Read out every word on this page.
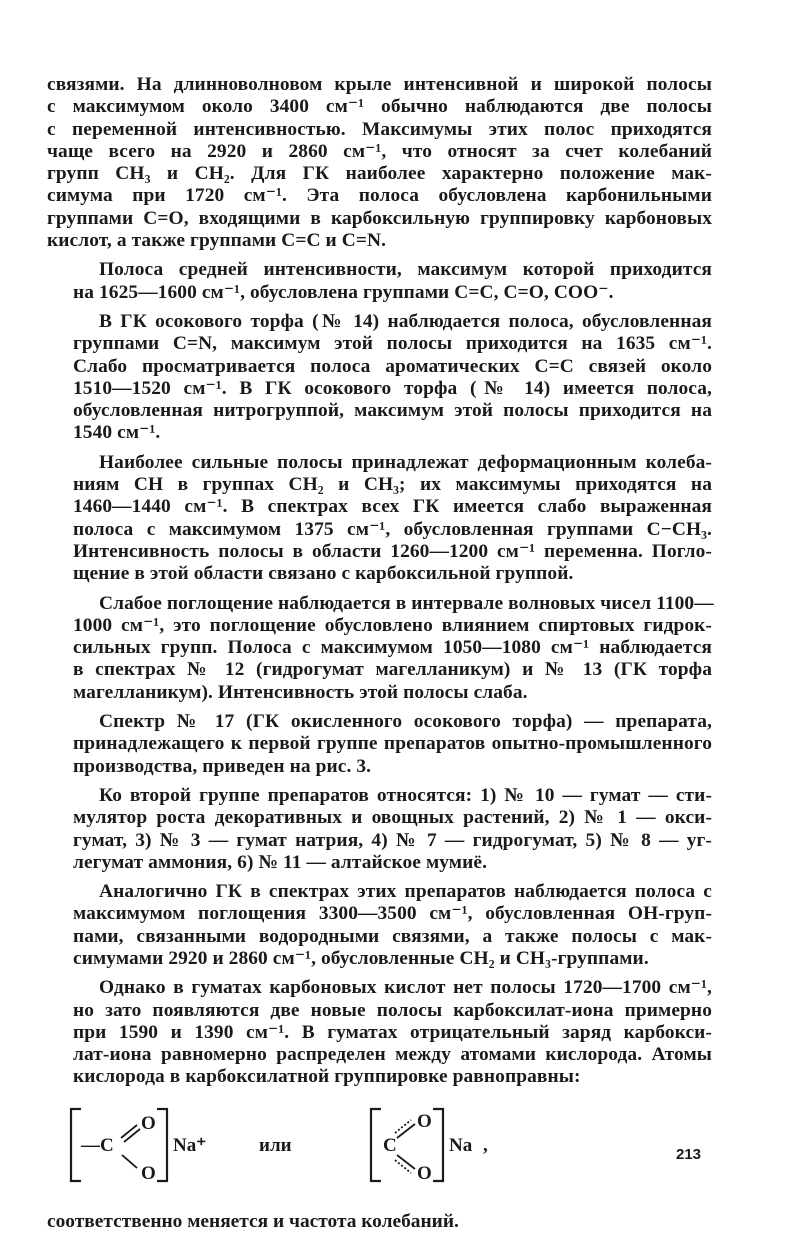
связями. На длинноволновом крыле интенсивной и широкой полосы
с максимумом около 3400 см⁻¹ обычно наблюдаются две полосы
с переменной интенсивностью. Максимумы этих полос приходятся
чаще всего на 2920 и 2860 см⁻¹, что относят за счет колебаний
групп CH₃ и CH₂. Для ГК наиболее характерно положение мак-
симума при 1720 см⁻¹. Эта полоса обусловлена карбонильными
группами C=O, входящими в карбоксильную группировку карбоновых
кислот, а также группами C=C и C=N.
Полоса средней интенсивности, максимум которой приходится
на 1625—1600 см⁻¹, обусловлена группами C=C, C=O, COO⁻.
В ГК осокового торфа (№ 14) наблюдается полоса, обусловленная
группами C=N, максимум этой полосы приходится на 1635 см⁻¹.
Слабо просматривается полоса ароматических C=C связей около
1510—1520 см⁻¹. В ГК осокового торфа (№ 14) имеется полоса,
обусловленная нитрогруппой, максимум этой полосы приходится на
1540 см⁻¹.
Наиболее сильные полосы принадлежат деформационным колеба-
ниям CH в группах CH₂ и CH₃; их максимумы приходятся на
1460—1440 см⁻¹. В спектрах всех ГК имеется слабо выраженная
полоса с максимумом 1375 см⁻¹, обусловленная группами C−CH₃.
Интенсивность полосы в области 1260—1200 см⁻¹ переменна. Погло-
щение в этой области связано с карбоксильной группой.
Слабое поглощение наблюдается в интервале волновых чисел 1100—
1000 см⁻¹, это поглощение обусловлено влиянием спиртовых гидрок-
сильных групп. Полоса с максимумом 1050—1080 см⁻¹ наблюдается
в спектрах № 12 (гидрогумат магелланикум) и № 13 (ГК торфа
магелланикум). Интенсивность этой полосы слаба.
Спектр № 17 (ГК окисленного осокового торфа) — препарата,
принадлежащего к первой группе препаратов опытно-промышленного
производства, приведен на рис. 3.
Ко второй группе препаратов относятся: 1) № 10 — гумат — сти-
мулятор роста декоративных и овощных растений, 2) № 1 — окси-
гумат, 3) № 3 — гумат натрия, 4) № 7 — гидрогумат, 5) № 8 — уг-
легумат аммония, 6) № 11 — алтайское мумиё.
Аналогично ГК в спектрах этих препаратов наблюдается полоса с
максимумом поглощения 3300—3500 см⁻¹, обусловленная OH-груп-
пами, связанными водородными связями, а также полосы с мак-
симумами 2920 и 2860 см⁻¹, обусловленные CH₂ и CH₃-группами.
Однако в гуматах карбоновых кислот нет полосы 1720—1700 см⁻¹,
но зато появляются две новые полосы карбоксилат-иона примерно
при 1590 и 1390 см⁻¹. В гуматах отрицательный заряд карбокси-
лат-иона равномерно распределен между атомами кислорода. Атомы
кислорода в карбоксилатной группировке равноправны:
—C
O
O
Na⁺	или	C
O
O
Na ,

соответственно меняется и частота колебаний.

213
